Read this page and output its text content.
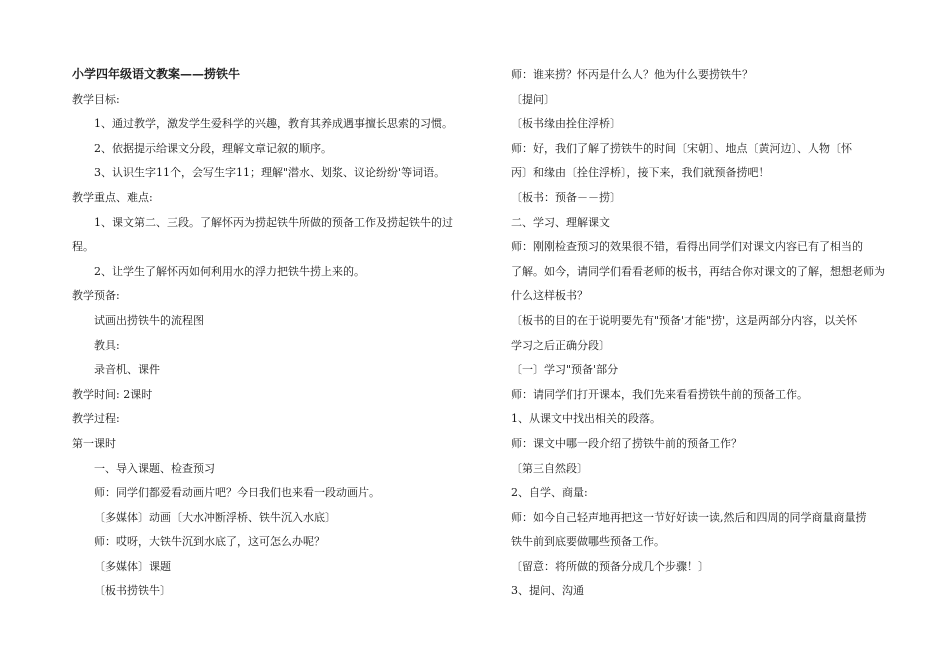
小学四年级语文教案——捞铁牛
教学目标:
1、通过教学，激发学生爱科学的兴趣，教育其养成遇事擅长思索的习惯。
2、依据提示给课文分段，理解文章记叙的顺序。
3、认识生字11个，会写生字11；理解"潜水、划浆、议论纷纷'等词语。
教学重点、难点:
1、课文第二、三段。了解怀丙为捞起铁牛所做的预备工作及捞起铁牛的过
程。
2、让学生了解怀丙如何利用水的浮力把铁牛捞上来的。
教学预备:
试画出捞铁牛的流程图
教具:
录音机、课件
教学时间: 2课时
教学过程:
第一课时
一、导入课题、检查预习
师：同学们都爱看动画片吧？今日我们也来看一段动画片。
〔多媒体〕动画〔大水冲断浮桥、铁牛沉入水底〕
师：哎呀，大铁牛沉到水底了，这可怎么办呢？
〔多媒体〕课题
〔板书捞铁牛〕
师：谁来捞？怀丙是什么人？他为什么要捞铁牛？
〔提问〕
〔板书缘由拴住浮桥〕
师：好，我们了解了捞铁牛的时间〔宋朝〕、地点〔黄河边〕、人物〔怀
丙〕和缘由〔拴住浮桥〕，接下来，我们就预备捞吧！
〔板书：预备－－捞〕
二、学习、理解课文
师：刚刚检查预习的效果很不错，看得出同学们对课文内容已有了相当的
了解。如今，请同学们看看老师的板书，再结合你对课文的了解，想想老师为
什么这样板书？
〔板书的目的在于说明要先有"预备'才能"捞'，这是两部分内容，以关怀
学习之后正确分段〕
〔一〕学习"预备'部分
师：请同学们打开课本，我们先来看看捞铁牛前的预备工作。
1、从课文中找出相关的段落。
师：课文中哪一段介绍了捞铁牛前的预备工作？
〔第三自然段〕
2、自学、商量:
师：如今自己轻声地再把这一节好好读一读,然后和四周的同学商量商量捞
铁牛前到底要做哪些预备工作。
〔留意：将所做的预备分成几个步骤！〕
3、提问、沟通
